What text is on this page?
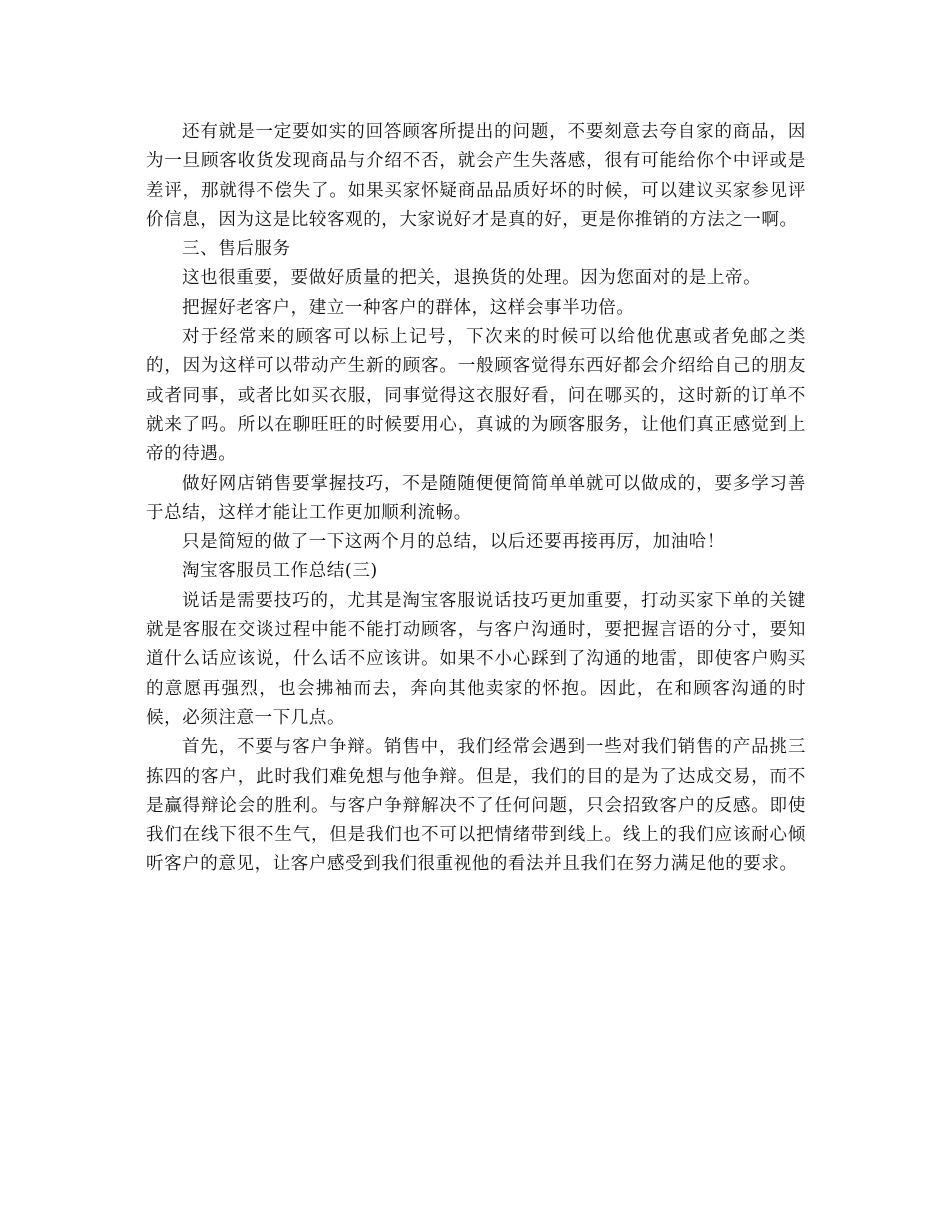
还有就是一定要如实的回答顾客所提出的问题，不要刻意去夸自家的商品，因为一旦顾客收货发现商品与介绍不否，就会产生失落感，很有可能给你个中评或是差评，那就得不偿失了。如果买家怀疑商品品质好坏的时候，可以建议买家参见评价信息，因为这是比较客观的，大家说好才是真的好，更是你推销的方法之一啊。

三、售后服务

这也很重要，要做好质量的把关，退换货的处理。因为您面对的是上帝。

把握好老客户，建立一种客户的群体，这样会事半功倍。

对于经常来的顾客可以标上记号，下次来的时候可以给他优惠或者免邮之类的，因为这样可以带动产生新的顾客。一般顾客觉得东西好都会介绍给自己的朋友或者同事，或者比如买衣服，同事觉得这衣服好看，问在哪买的，这时新的订单不就来了吗。所以在聊旺旺的时候要用心，真诚的为顾客服务，让他们真正感觉到上帝的待遇。

做好网店销售要掌握技巧，不是随随便便简简单单就可以做成的，要多学习善于总结，这样才能让工作更加顺利流畅。

只是简短的做了一下这两个月的总结，以后还要再接再厉，加油哈！

淘宝客服员工作总结(三)

说话是需要技巧的，尤其是淘宝客服说话技巧更加重要，打动买家下单的关键就是客服在交谈过程中能不能打动顾客，与客户沟通时，要把握言语的分寸，要知道什么话应该说，什么话不应该讲。如果不小心踩到了沟通的地雷，即使客户购买的意愿再强烈，也会拂袖而去，奔向其他卖家的怀抱。因此，在和顾客沟通的时候，必须注意一下几点。

首先，不要与客户争辩。销售中，我们经常会遇到一些对我们销售的产品挑三拣四的客户，此时我们难免想与他争辩。但是，我们的目的是为了达成交易，而不是赢得辩论会的胜利。与客户争辩解决不了任何问题，只会招致客户的反感。即使我们在线下很不生气，但是我们也不可以把情绪带到线上。线上的我们应该耐心倾听客户的意见，让客户感受到我们很重视他的看法并且我们在努力满足他的要求。
